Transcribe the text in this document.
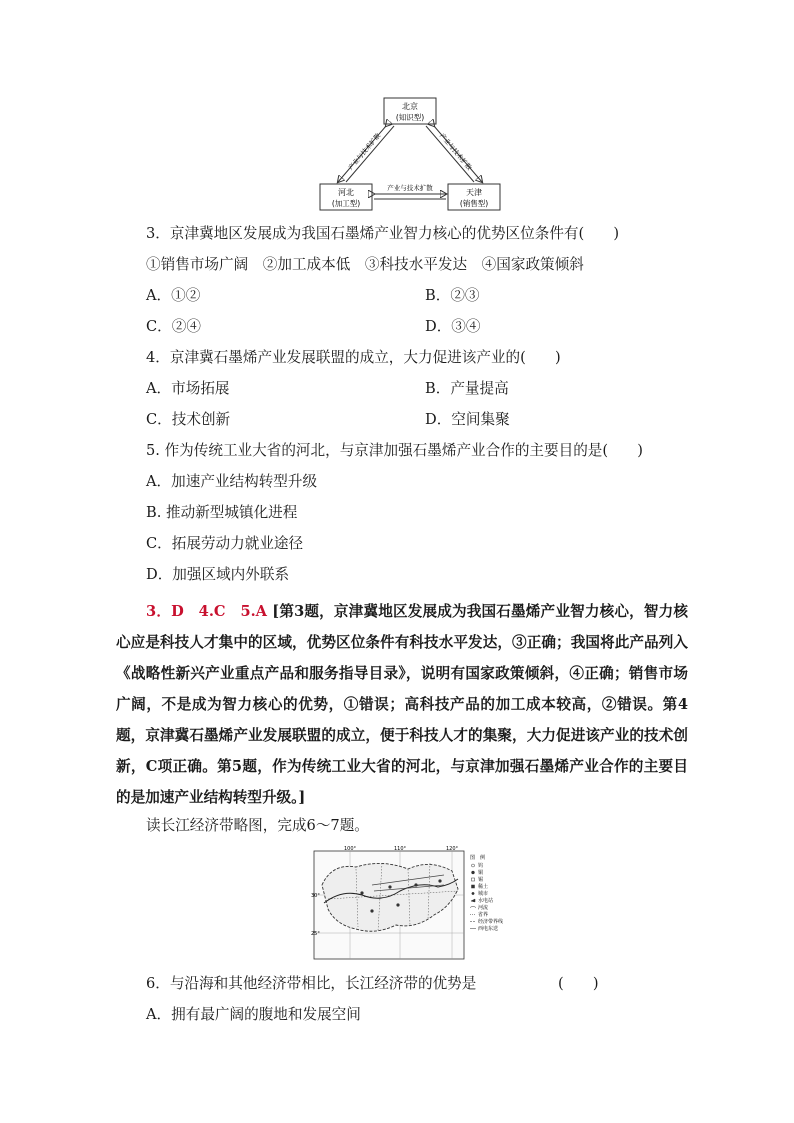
北京
(知识型)
河北
(加工型)
天津
(销售型)
产业与技术扩散	产业与技术扩散
产业与技术扩散
3．京津冀地区发展成为我国石墨烯产业智力核心的优势区位条件有(　　)
①销售市场广阔　②加工成本低　③科技水平发达　④国家政策倾斜
A．①②	B．②③
C．②④	D．③④
4．京津冀石墨烯产业发展联盟的成立，大力促进该产业的(　　)
A．市场拓展	B．产量提高
C．技术创新	D．空间集聚
5. 作为传统工业大省的河北，与京津加强石墨烯产业合作的主要目的是(　　)
A．加速产业结构转型升级
B. 推动新型城镇化进程
C．拓展劳动力就业途径
D．加强区域内外联系
3．D　4.C　5.A [第3题，京津冀地区发展成为我国石墨烯产业智力核心，智力核心应是科技人才集中的区域，优势区位条件有科技水平发达，③正确；我国将此产品列入《战略性新兴产业重点产品和服务指导目录》，说明有国家政策倾斜，④正确；销售市场广阔，不是成为智力核心的优势，①错误；高科技产品的加工成本较高，②错误。第4题，京津冀石墨烯产业发展联盟的成立，便于科技人才的集聚，大力促进该产业的技术创新，C项正确。第5题，作为传统工业大省的河北，与京津加强石墨烯产业合作的主要目的是加速产业结构转型升级。]
读长江经济带略图，完成6～7题。
100°	110°	120°
30°
25°
图　例
钨
铜
锡
稀土
城市
水电站
河流
省界
经济带界线
西电东送
6．与沿海和其他经济带相比，长江经济带的优势是	(　　)
A．拥有最广阔的腹地和发展空间
